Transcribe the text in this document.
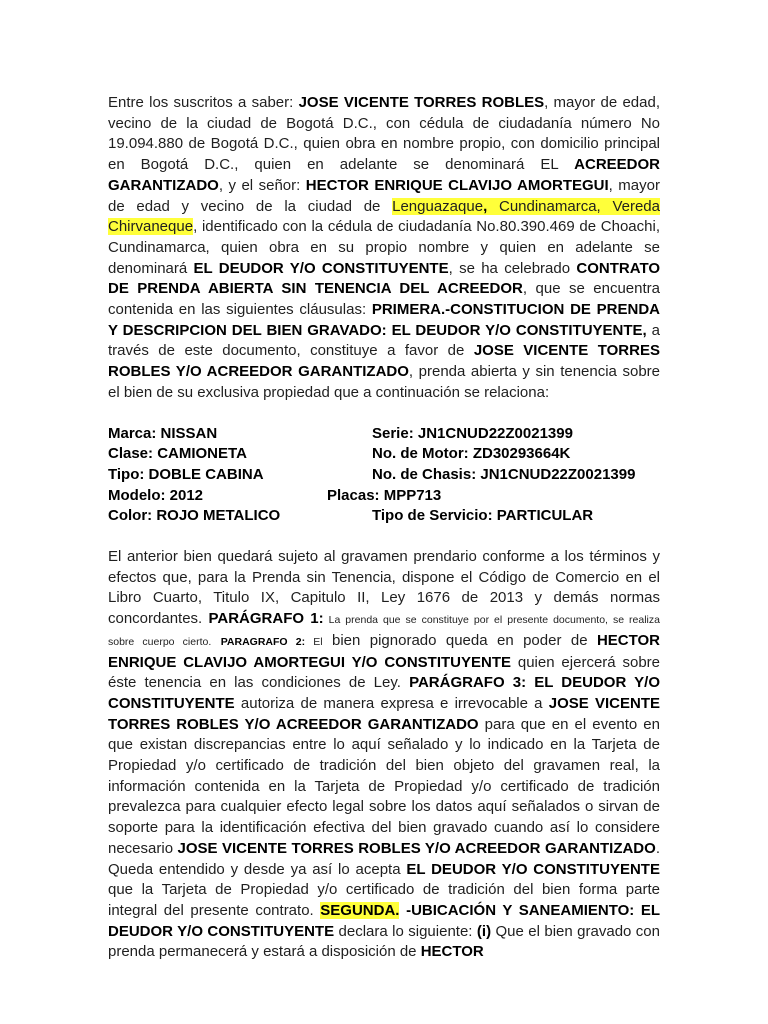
Entre los suscritos a saber: JOSE VICENTE TORRES ROBLES, mayor de edad, vecino de la ciudad de Bogotá D.C., con cédula de ciudadanía número No 19.094.880 de Bogotá D.C., quien obra en nombre propio, con domicilio principal en Bogotá D.C., quien en adelante se denominará EL ACREEDOR GARANTIZADO, y el señor: HECTOR ENRIQUE CLAVIJO AMORTEGUI, mayor de edad y vecino de la ciudad de Lenguazaque, Cundinamarca, Vereda Chirvaneque, identificado con la cédula de ciudadanía No.80.390.469 de Choachi, Cundinamarca, quien obra en su propio nombre y quien en adelante se denominará EL DEUDOR Y/O CONSTITUYENTE, se ha celebrado CONTRATO DE PRENDA ABIERTA SIN TENENCIA DEL ACREEDOR, que se encuentra contenida en las siguientes cláusulas: PRIMERA.-CONSTITUCION DE PRENDA Y DESCRIPCION DEL BIEN GRAVADO: EL DEUDOR Y/O CONSTITUYENTE, a través de este documento, constituye a favor de JOSE VICENTE TORRES ROBLES Y/O ACREEDOR GARANTIZADO, prenda abierta y sin tenencia sobre el bien de su exclusiva propiedad que a continuación se relaciona:

Marca: NISSAN	Serie: JN1CNUD22Z0021399
Clase: CAMIONETA	No. de Motor: ZD30293664K
Tipo: DOBLE CABINA	No. de Chasis: JN1CNUD22Z0021399
Modelo: 2012	Placas: MPP713
Color: ROJO METALICO	Tipo de Servicio: PARTICULAR

El anterior bien quedará sujeto al gravamen prendario conforme a los términos y efectos que, para la Prenda sin Tenencia, dispone el Código de Comercio en el Libro Cuarto, Titulo IX, Capitulo II, Ley 1676 de 2013 y demás normas concordantes. PARÁGRAFO 1: La prenda que se constituye por el presente documento, se realiza sobre cuerpo cierto. PARAGRAFO 2: El bien pignorado queda en poder de HECTOR ENRIQUE CLAVIJO AMORTEGUI Y/O CONSTITUYENTE quien ejercerá sobre éste tenencia en las condiciones de Ley. PARÁGRAFO 3: EL DEUDOR Y/O CONSTITUYENTE autoriza de manera expresa e irrevocable a JOSE VICENTE TORRES ROBLES Y/O ACREEDOR GARANTIZADO para que en el evento en que existan discrepancias entre lo aquí señalado y lo indicado en la Tarjeta de Propiedad y/o certificado de tradición del bien objeto del gravamen real, la información contenida en la Tarjeta de Propiedad y/o certificado de tradición prevalezca para cualquier efecto legal sobre los datos aquí señalados o sirvan de soporte para la identificación efectiva del bien gravado cuando así lo considere necesario JOSE VICENTE TORRES ROBLES Y/O ACREEDOR GARANTIZADO. Queda entendido y desde ya así lo acepta EL DEUDOR Y/O CONSTITUYENTE que la Tarjeta de Propiedad y/o certificado de tradición del bien forma parte integral del presente contrato. SEGUNDA. -UBICACIÓN Y SANEAMIENTO: EL DEUDOR Y/O CONSTITUYENTE declara lo siguiente: (i) Que el bien gravado con prenda permanecerá y estará a disposición de HECTOR
